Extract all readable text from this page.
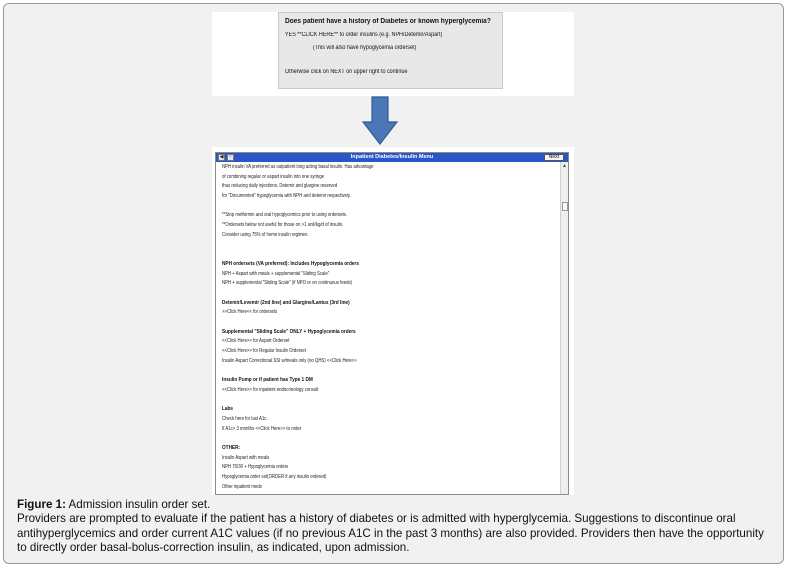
Does patient have a history of Diabetes or known hyperglycemia?
YES **CLICK HERE** to order insulins (e.g. NPH/Detemir/Aspart)
(This will also have hypoglycemia orderset)
Otherwise click on NEXT on upper right to continue
◀	▫	Inpatient Diabetes/Insulin Menu	Next
NPH insulin VA preferred as outpatient long acting basal insulin. Has advantage
of combining regular or aspart insulin into one syringe
thus reducing daily injections. Detemir and glargine reserved
for "Documented" hypoglycemia with NPH and detemir respectively.
**Stop metformin and oral hypoglycemics prior to using ordersets.
**Ordersets below not useful for those on >1 unit/kg/d of insulin.
Consider using 75% of home insulin regimen.
NPH ordersets (VA preferred): Includes Hypoglycemia orders
NPH + Aspart with meals + supplemental "Sliding Scale"
NPH + supplemental "Sliding Scale" (if NPO or on continuous feeds)
Detemir/Levemir (2nd line) and Glargine/Lantus (3rd line)
>>Click Here<< for ordersets
Supplemental "Sliding Scale" ONLY + Hypoglycemia orders
<<Click Here>> for Aspart Orderset
<<Click Here>> for Regular Insulin Orderset
Insulin Aspart Correctional SSI w/meals only (no QHS) <<Click Here>>
Insulin Pump or if patient has Type 1 DM
<<Click Here>> for inpatient endocrinology consult
Labs
Check here for last A1c.
If A1c> 3 months <<Click Here>> to order
OTHER:
Insulin Aspart with meals
NPH 70/30 + Hypoglycemia orders
Hypoglycemia order set(ORDER if any insulin ordered)
Other inpatient meds
▲

Figure 1: Admission insulin order set.

Providers are prompted to evaluate if the patient has a history of diabetes or is admitted with hyperglycemia. Suggestions to discontinue oral antihyperglycemics and order current A1C values (if no previous A1C in the past 3 months) are also provided. Providers then have the opportunity to directly order basal-bolus-correction insulin, as indicated, upon admission.
